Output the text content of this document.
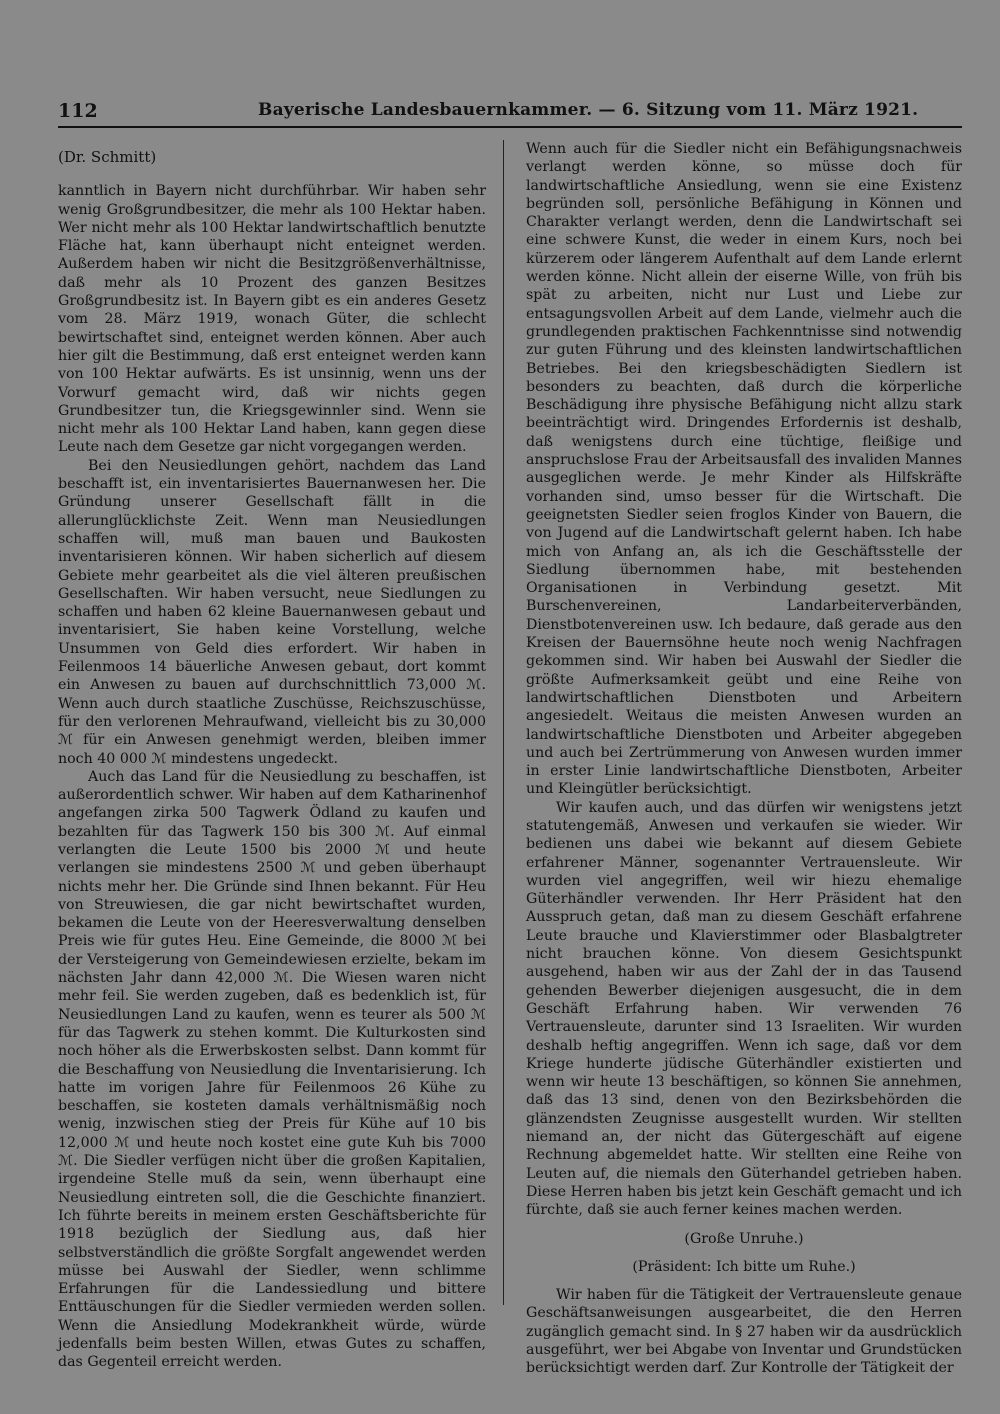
112	Bayerische Landesbauernkammer. — 6. Sitzung vom 11. März 1921.

(Dr. Schmitt)

kanntlich in Bayern nicht durchführbar. Wir haben sehr wenig Großgrundbesitzer, die mehr als 100 Hektar haben. Wer nicht mehr als 100 Hektar landwirtschaftlich benutzte Fläche hat, kann überhaupt nicht enteignet werden. Außerdem haben wir nicht die Besitzgrößenverhältnisse, daß mehr als 10 Prozent des ganzen Besitzes Großgrundbesitz ist. In Bayern gibt es ein anderes Gesetz vom 28. März 1919, wonach Güter, die schlecht bewirtschaftet sind, enteignet werden können. Aber auch hier gilt die Bestimmung, daß erst enteignet werden kann von 100 Hektar aufwärts. Es ist unsinnig, wenn uns der Vorwurf gemacht wird, daß wir nichts gegen Grundbesitzer tun, die Kriegsgewinnler sind. Wenn sie nicht mehr als 100 Hektar Land haben, kann gegen diese Leute nach dem Gesetze gar nicht vorgegangen werden.

Bei den Neusiedlungen gehört, nachdem das Land beschafft ist, ein inventarisiertes Bauernanwesen her. Die Gründung unserer Gesellschaft fällt in die allerunglücklichste Zeit. Wenn man Neusiedlungen schaffen will, muß man bauen und Baukosten inventarisieren können. Wir haben sicherlich auf diesem Gebiete mehr gearbeitet als die viel älteren preußischen Gesellschaften. Wir haben versucht, neue Siedlungen zu schaffen und haben 62 kleine Bauernanwesen gebaut und inventarisiert, Sie haben keine Vorstellung, welche Unsummen von Geld dies erfordert. Wir haben in Feilenmoos 14 bäuerliche Anwesen gebaut, dort kommt ein Anwesen zu bauen auf durchschnittlich 73,000 ℳ. Wenn auch durch staatliche Zuschüsse, Reichszuschüsse, für den verlorenen Mehraufwand, vielleicht bis zu 30,000 ℳ für ein Anwesen genehmigt werden, bleiben immer noch 40 000 ℳ mindestens ungedeckt.

Auch das Land für die Neusiedlung zu beschaffen, ist außerordentlich schwer. Wir haben auf dem Katharinenhof angefangen zirka 500 Tagwerk Ödland zu kaufen und bezahlten für das Tagwerk 150 bis 300 ℳ. Auf einmal verlangten die Leute 1500 bis 2000 ℳ und heute verlangen sie mindestens 2500 ℳ und geben überhaupt nichts mehr her. Die Gründe sind Ihnen bekannt. Für Heu von Streuwiesen, die gar nicht bewirtschaftet wurden, bekamen die Leute von der Heeresverwaltung denselben Preis wie für gutes Heu. Eine Gemeinde, die 8000 ℳ bei der Versteigerung von Gemeindewiesen erzielte, bekam im nächsten Jahr dann 42,000 ℳ. Die Wiesen waren nicht mehr feil. Sie werden zugeben, daß es bedenklich ist, für Neusiedlungen Land zu kaufen, wenn es teurer als 500 ℳ für das Tagwerk zu stehen kommt. Die Kulturkosten sind noch höher als die Erwerbskosten selbst. Dann kommt für die Beschaffung von Neusiedlung die Inventarisierung. Ich hatte im vorigen Jahre für Feilenmoos 26 Kühe zu beschaffen, sie kosteten damals verhältnismäßig noch wenig, inzwischen stieg der Preis für Kühe auf 10 bis 12,000 ℳ und heute noch kostet eine gute Kuh bis 7000 ℳ. Die Siedler verfügen nicht über die großen Kapitalien, irgendeine Stelle muß da sein, wenn überhaupt eine Neusiedlung eintreten soll, die die Geschichte finanziert. Ich führte bereits in meinem ersten Geschäftsberichte für 1918 bezüglich der Siedlung aus, daß hier selbstverständlich die größte Sorgfalt angewendet werden müsse bei Auswahl der Siedler, wenn schlimme Erfahrungen für die Landessiedlung und bittere Enttäuschungen für die Siedler vermieden werden sollen. Wenn die Ansiedlung Modekrankheit würde, würde jedenfalls beim besten Willen, etwas Gutes zu schaffen, das Gegenteil erreicht werden.

Wenn auch für die Siedler nicht ein Befähigungsnachweis verlangt werden könne, so müsse doch für landwirtschaftliche Ansiedlung, wenn sie eine Existenz begründen soll, persönliche Befähigung in Können und Charakter verlangt werden, denn die Landwirtschaft sei eine schwere Kunst, die weder in einem Kurs, noch bei kürzerem oder längerem Aufenthalt auf dem Lande erlernt werden könne. Nicht allein der eiserne Wille, von früh bis spät zu arbeiten, nicht nur Lust und Liebe zur entsagungsvollen Arbeit auf dem Lande, vielmehr auch die grundlegenden praktischen Fachkenntnisse sind notwendig zur guten Führung und des kleinsten landwirtschaftlichen Betriebes. Bei den kriegsbeschädigten Siedlern ist besonders zu beachten, daß durch die körperliche Beschädigung ihre physische Befähigung nicht allzu stark beeinträchtigt wird. Dringendes Erfordernis ist deshalb, daß wenigstens durch eine tüchtige, fleißige und anspruchslose Frau der Arbeitsausfall des invaliden Mannes ausgeglichen werde. Je mehr Kinder als Hilfskräfte vorhanden sind, umso besser für die Wirtschaft. Die geeignetsten Siedler seien froglos Kinder von Bauern, die von Jugend auf die Landwirtschaft gelernt haben. Ich habe mich von Anfang an, als ich die Geschäftsstelle der Siedlung übernommen habe, mit bestehenden Organisationen in Verbindung gesetzt. Mit Burschenvereinen, Landarbeiterverbänden, Dienstbotenvereinen usw. Ich bedaure, daß gerade aus den Kreisen der Bauernsöhne heute noch wenig Nachfragen gekommen sind. Wir haben bei Auswahl der Siedler die größte Aufmerksamkeit geübt und eine Reihe von landwirtschaftlichen Dienstboten und Arbeitern angesiedelt. Weitaus die meisten Anwesen wurden an landwirtschaftliche Dienstboten und Arbeiter abgegeben und auch bei Zertrümmerung von Anwesen wurden immer in erster Linie landwirtschaftliche Dienstboten, Arbeiter und Kleingütler berücksichtigt.

Wir kaufen auch, und das dürfen wir wenigstens jetzt statutengemäß, Anwesen und verkaufen sie wieder. Wir bedienen uns dabei wie bekannt auf diesem Gebiete erfahrener Männer, sogenannter Vertrauensleute. Wir wurden viel angegriffen, weil wir hiezu ehemalige Güterhändler verwenden. Ihr Herr Präsident hat den Ausspruch getan, daß man zu diesem Geschäft erfahrene Leute brauche und Klavierstimmer oder Blasbalgtreter nicht brauchen könne. Von diesem Gesichtspunkt ausgehend, haben wir aus der Zahl der in das Tausend gehenden Bewerber diejenigen ausgesucht, die in dem Geschäft Erfahrung haben. Wir verwenden 76 Vertrauensleute, darunter sind 13 Israeliten. Wir wurden deshalb heftig angegriffen. Wenn ich sage, daß vor dem Kriege hunderte jüdische Güterhändler existierten und wenn wir heute 13 beschäftigen, so können Sie annehmen, daß das 13 sind, denen von den Bezirksbehörden die glänzendsten Zeugnisse ausgestellt wurden. Wir stellten niemand an, der nicht das Gütergeschäft auf eigene Rechnung abgemeldet hatte. Wir stellten eine Reihe von Leuten auf, die niemals den Güterhandel getrieben haben. Diese Herren haben bis jetzt kein Geschäft gemacht und ich fürchte, daß sie auch ferner keines machen werden.

(Große Unruhe.)

(Präsident: Ich bitte um Ruhe.)

Wir haben für die Tätigkeit der Vertrauensleute genaue Geschäftsanweisungen ausgearbeitet, die den Herren zugänglich gemacht sind. In § 27 haben wir da ausdrücklich ausgeführt, wer bei Abgabe von Inventar und Grundstücken berücksichtigt werden darf. Zur Kontrolle der Tätigkeit der
